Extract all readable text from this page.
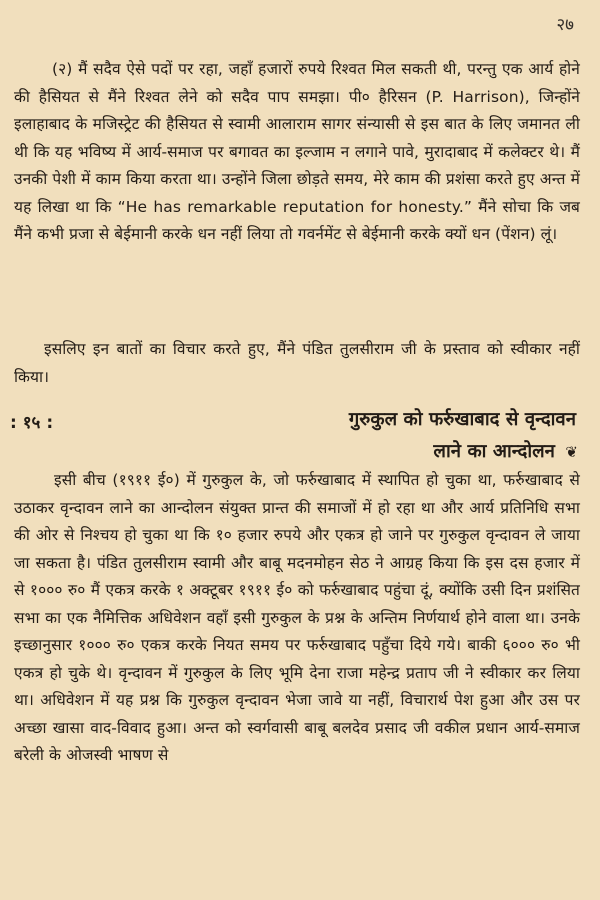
२७

(२) मैं सदैव ऐसे पदों पर रहा, जहाँ हजारों रुपये रिश्वत मिल सकती थी, परन्तु एक आर्य होने की हैसियत से मैंने रिश्वत लेने को सदैव पाप समझा। पी० हैरिसन (P. Harrison), जिन्होंने इलाहाबाद के मजिस्ट्रेट की हैसियत से स्वामी आलाराम सागर संन्यासी से इस बात के लिए जमानत ली थी कि यह भविष्य में आर्य-समाज पर बगावत का इल्जाम न लगाने पावे, मुरादाबाद में कलेक्टर थे। मैं उनकी पेशी में काम किया करता था। उन्होंने जिला छोड़ते समय, मेरे काम की प्रशंसा करते हुए अन्त में यह लिखा था कि “He has remarkable reputation for honesty.” मैंने सोचा कि जब मैंने कभी प्रजा से बेईमानी करके धन नहीं लिया तो गवर्नमेंट से बेईमानी करके क्यों धन (पेंशन) लूं।

इसलिए इन बातों का विचार करते हुए, मैंने पंडित तुलसीराम जी के प्रस्ताव को स्वीकार नहीं किया।

: १५ :	गुरुकुल को फर्रुखाबाद से वृन्दावन
लाने का आन्दोलन ❦

इसी बीच (१९११ ई०) में गुरुकुल के, जो फर्रुखाबाद में स्थापित हो चुका था, फर्रुखाबाद से उठाकर वृन्दावन लाने का आन्दोलन संयुक्त प्रान्त की समाजों में हो रहा था और आर्य प्रतिनिधि सभा की ओर से निश्चय हो चुका था कि १० हजार रुपये और एकत्र हो जाने पर गुरुकुल वृन्दावन ले जाया जा सकता है। पंडित तुलसीराम स्वामी और बाबू मदनमोहन सेठ ने आग्रह किया कि इस दस हजार में से १००० रु० मैं एकत्र करके १ अक्टूबर १९११ ई० को फर्रुखाबाद पहुंचा दूं, क्योंकि उसी दिन प्रशंसित सभा का एक नैमित्तिक अधिवेशन वहाँ इसी गुरुकुल के प्रश्न के अन्तिम निर्णयार्थ होने वाला था। उनके इच्छानुसार १००० रु० एकत्र करके नियत समय पर फर्रुखाबाद पहुँचा दिये गये। बाकी ६००० रु० भी एकत्र हो चुके थे। वृन्दावन में गुरुकुल के लिए भूमि देना राजा महेन्द्र प्रताप जी ने स्वीकार कर लिया था। अधिवेशन में यह प्रश्न कि गुरुकुल वृन्दावन भेजा जावे या नहीं, विचारार्थ पेश हुआ और उस पर अच्छा खासा वाद-विवाद हुआ। अन्त को स्वर्गवासी बाबू बलदेव प्रसाद जी वकील प्रधान आर्य-समाज बरेली के ओजस्वी भाषण से
